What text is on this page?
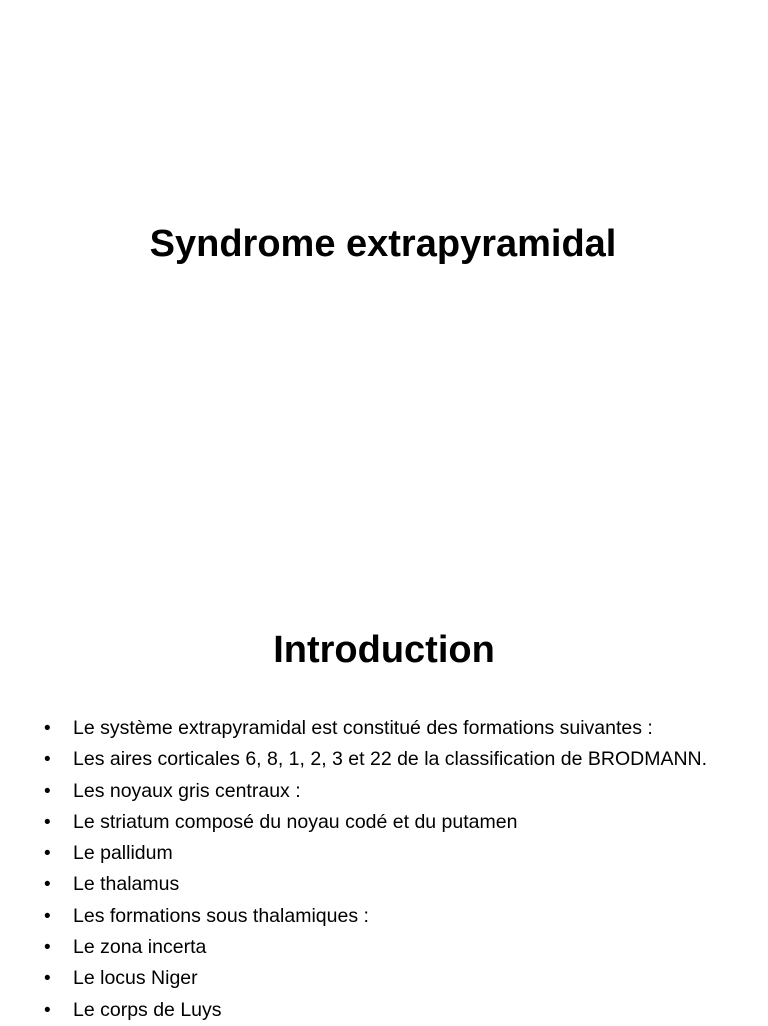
Syndrome extrapyramidal
Introduction
• Le système extrapyramidal est constitué des formations suivantes :
• Les aires corticales 6, 8, 1, 2, 3 et 22 de la classification de BRODMANN.
• Les noyaux gris centraux :
• Le striatum composé du noyau codé et du putamen
• Le pallidum
• Le thalamus
• Les formations sous thalamiques :
• Le zona incerta
• Le locus Niger
• Le corps de Luys
